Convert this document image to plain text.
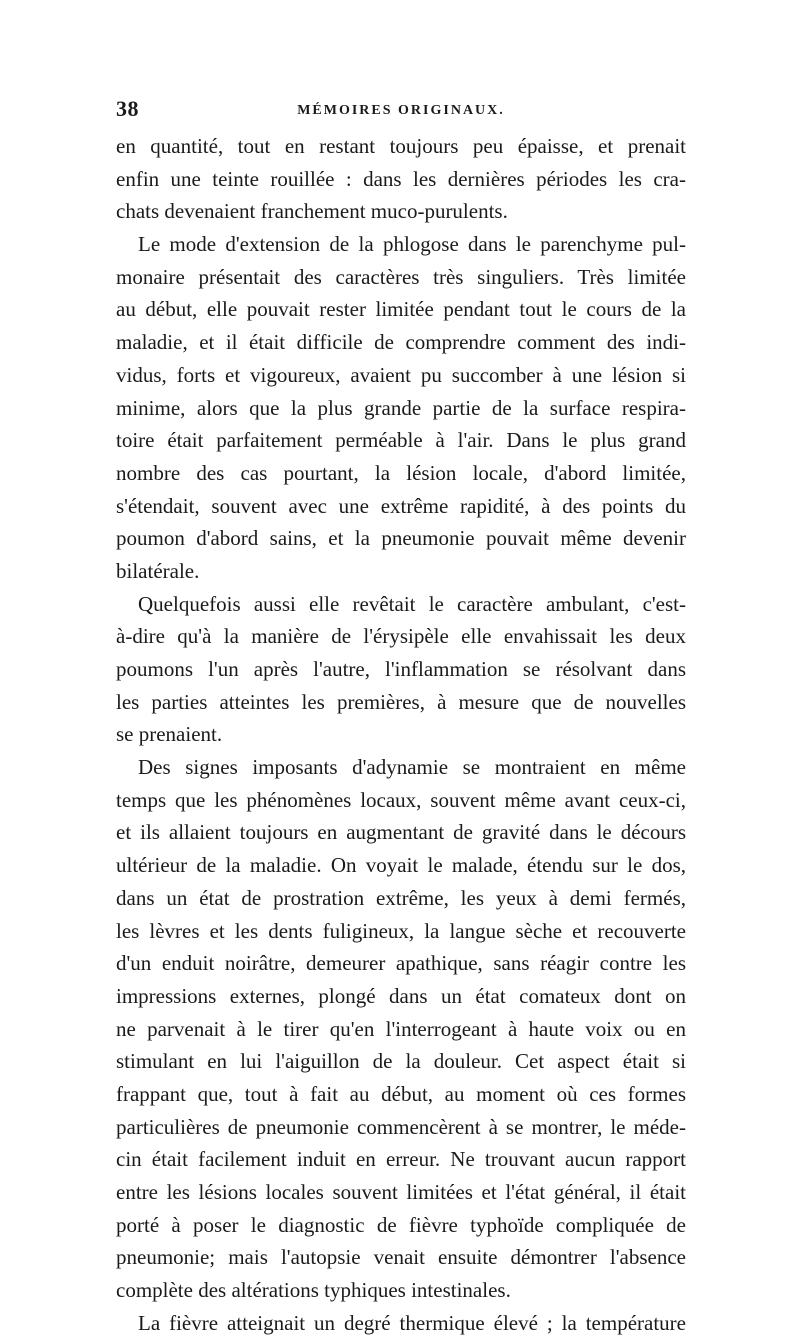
38	MÉMOIRES ORIGINAUX.
en quantité, tout en restant toujours peu épaisse, et prenait
enfin une teinte rouillée : dans les dernières périodes les cra-
chats devenaient franchement muco-purulents.
Le mode d'extension de la phlogose dans le parenchyme pul-
monaire présentait des caractères très singuliers. Très limitée
au début, elle pouvait rester limitée pendant tout le cours de la
maladie, et il était difficile de comprendre comment des indi-
vidus, forts et vigoureux, avaient pu succomber à une lésion si
minime, alors que la plus grande partie de la surface respira-
toire était parfaitement perméable à l'air. Dans le plus grand
nombre des cas pourtant, la lésion locale, d'abord limitée,
s'étendait, souvent avec une extrême rapidité, à des points du
poumon d'abord sains, et la pneumonie pouvait même devenir
bilatérale.
Quelquefois aussi elle revêtait le caractère ambulant, c'est-
à-dire qu'à la manière de l'érysipèle elle envahissait les deux
poumons l'un après l'autre, l'inflammation se résolvant dans
les parties atteintes les premières, à mesure que de nouvelles
se prenaient.
Des signes imposants d'adynamie se montraient en même
temps que les phénomènes locaux, souvent même avant ceux-ci,
et ils allaient toujours en augmentant de gravité dans le décours
ultérieur de la maladie. On voyait le malade, étendu sur le dos,
dans un état de prostration extrême, les yeux à demi fermés,
les lèvres et les dents fuligineux, la langue sèche et recouverte
d'un enduit noirâtre, demeurer apathique, sans réagir contre les
impressions externes, plongé dans un état comateux dont on
ne parvenait à le tirer qu'en l'interrogeant à haute voix ou en
stimulant en lui l'aiguillon de la douleur. Cet aspect était si
frappant que, tout à fait au début, au moment où ces formes
particulières de pneumonie commencèrent à se montrer, le méde-
cin était facilement induit en erreur. Ne trouvant aucun rapport
entre les lésions locales souvent limitées et l'état général, il était
porté à poser le diagnostic de fièvre typhoïde compliquée de
pneumonie; mais l'autopsie venait ensuite démontrer l'absence
complète des altérations typhiques intestinales.
La fièvre atteignait un degré thermique élevé ; la température
